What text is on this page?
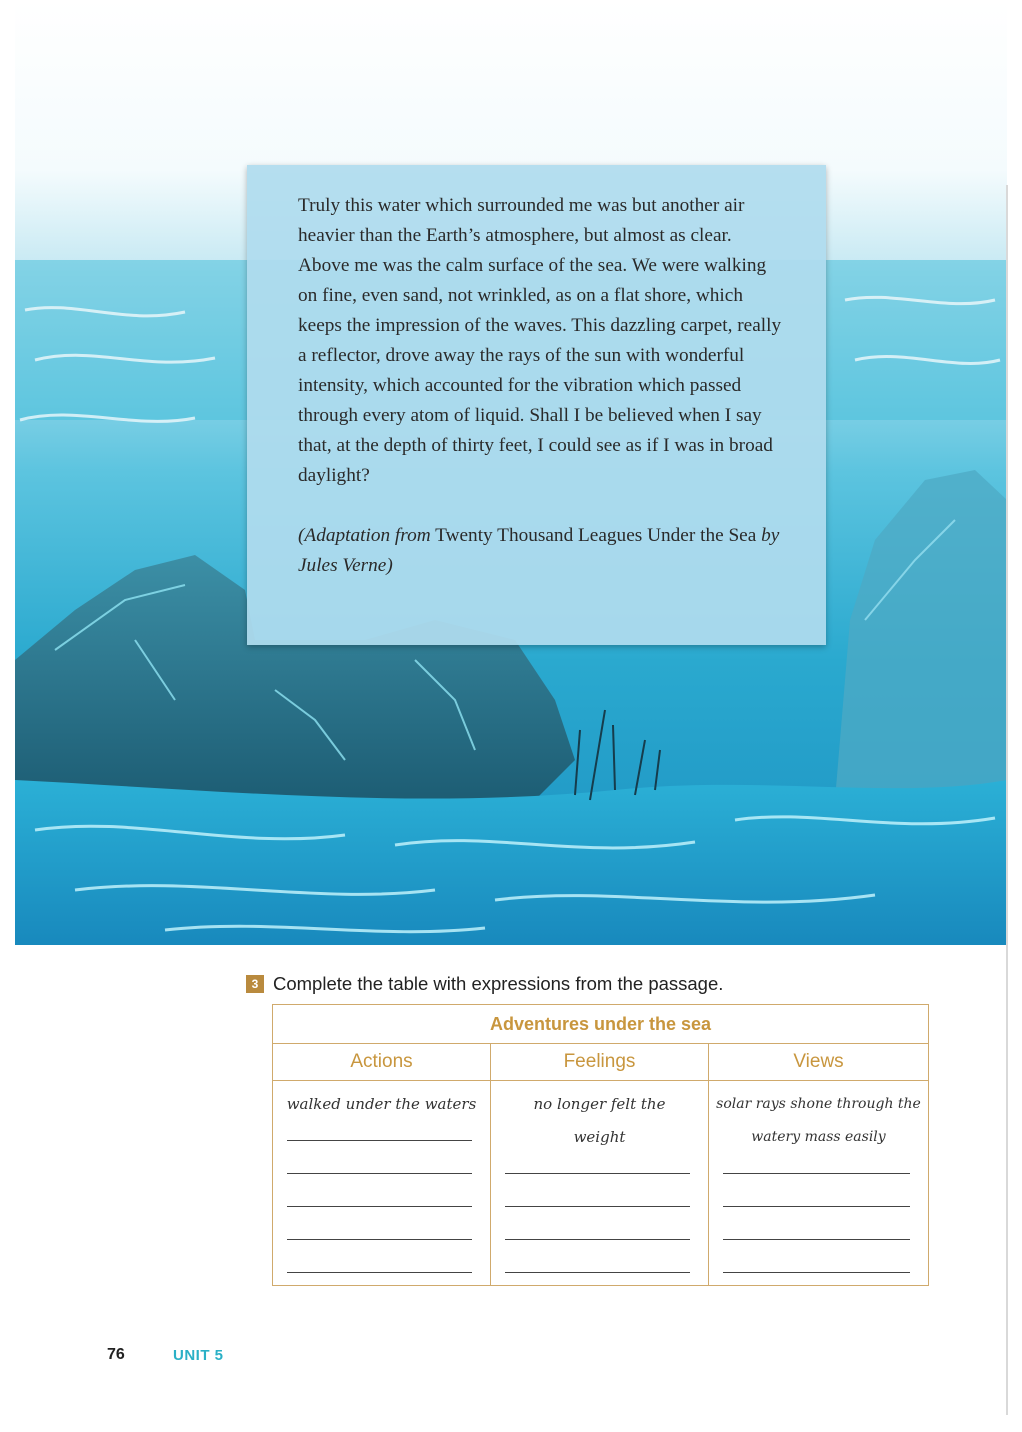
Truly this water which surrounded me was but another air heavier than the Earth’s atmosphere, but almost as clear. Above me was the calm surface of the sea. We were walking on fine, even sand, not wrinkled, as on a flat shore, which keeps the impression of the waves. This dazzling carpet, really a reflector, drove away the rays of the sun with wonderful intensity, which accounted for the vibration which passed through every atom of liquid. Shall I be believed when I say that, at the depth of thirty feet, I could see as if I was in broad daylight?

(Adaptation from Twenty Thousand Leagues Under the Sea by Jules Verne)

3 Complete the table with expressions from the passage.
Adventures under the sea		
Actions	Feelings	Views

walked under the waters	no longer felt the weight	solar rays shone through the watery mass easily
76	UNIT 5
